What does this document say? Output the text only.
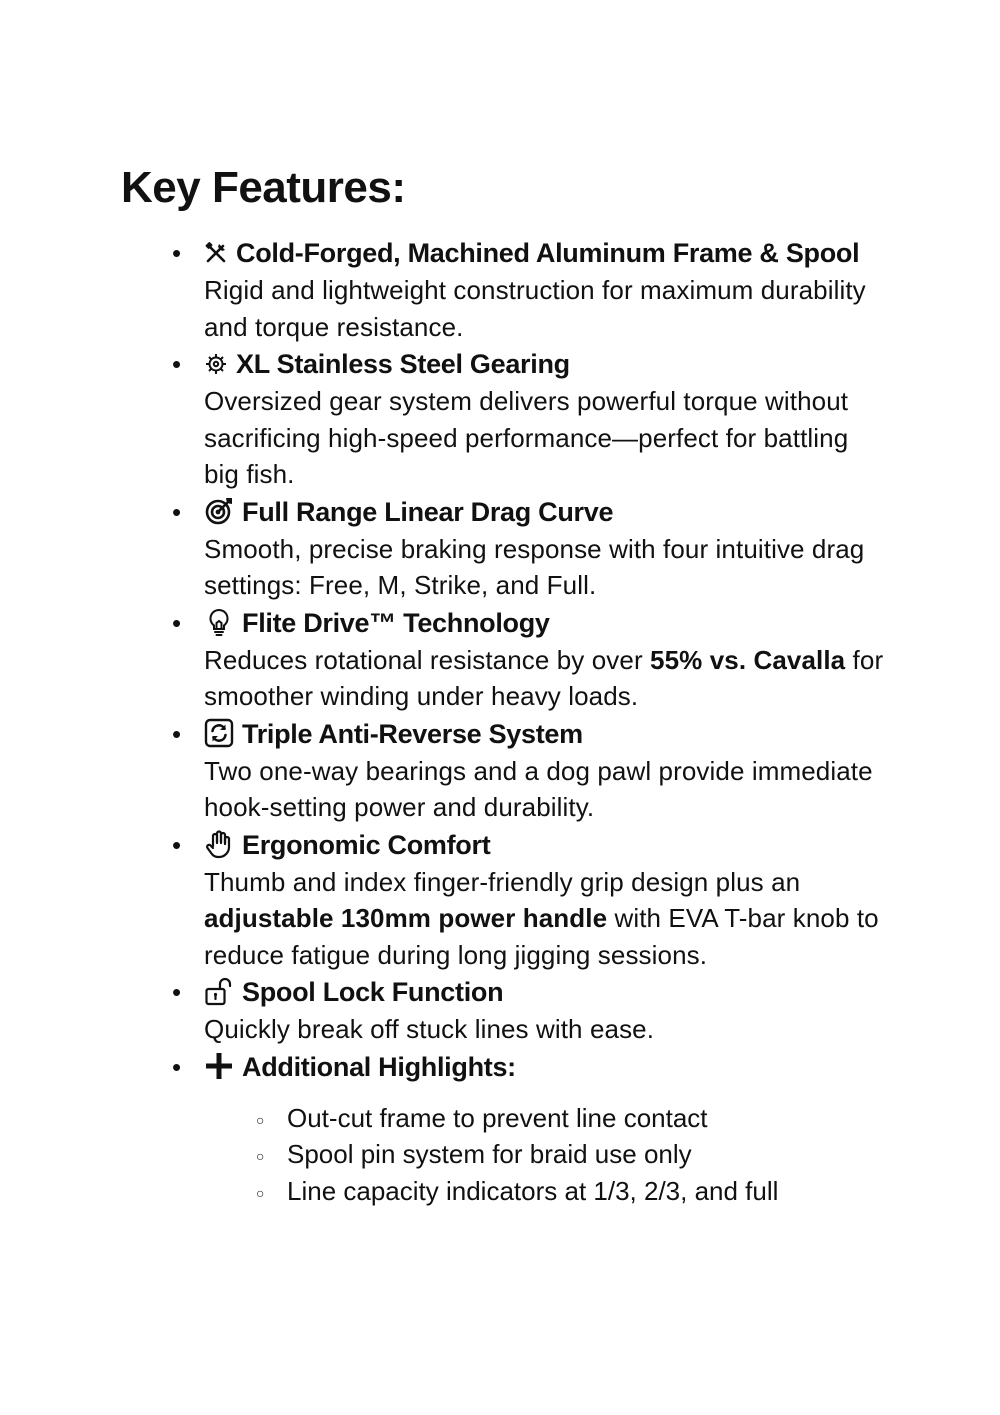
Key Features:
•	Cold-Forged, Machined Aluminum Frame & Spool
Rigid and lightweight construction for maximum durability and torque resistance.
•	XL Stainless Steel Gearing
Oversized gear system delivers powerful torque without sacrificing high-speed performance—perfect for battling big fish.
•	Full Range Linear Drag Curve
Smooth, precise braking response with four intuitive drag settings: Free, M, Strike, and Full.
•	Flite Drive™ Technology
Reduces rotational resistance by over 55% vs. Cavalla for smoother winding under heavy loads.
•	Triple Anti-Reverse System
Two one-way bearings and a dog pawl provide immediate hook-setting power and durability.
•	Ergonomic Comfort
Thumb and index finger-friendly grip design plus an adjustable 130mm power handle with EVA T-bar knob to reduce fatigue during long jigging sessions.
•	Spool Lock Function
Quickly break off stuck lines with ease.
•	Additional Highlights:
○ Out-cut frame to prevent line contact
○ Spool pin system for braid use only
○ Line capacity indicators at 1/3, 2/3, and full
